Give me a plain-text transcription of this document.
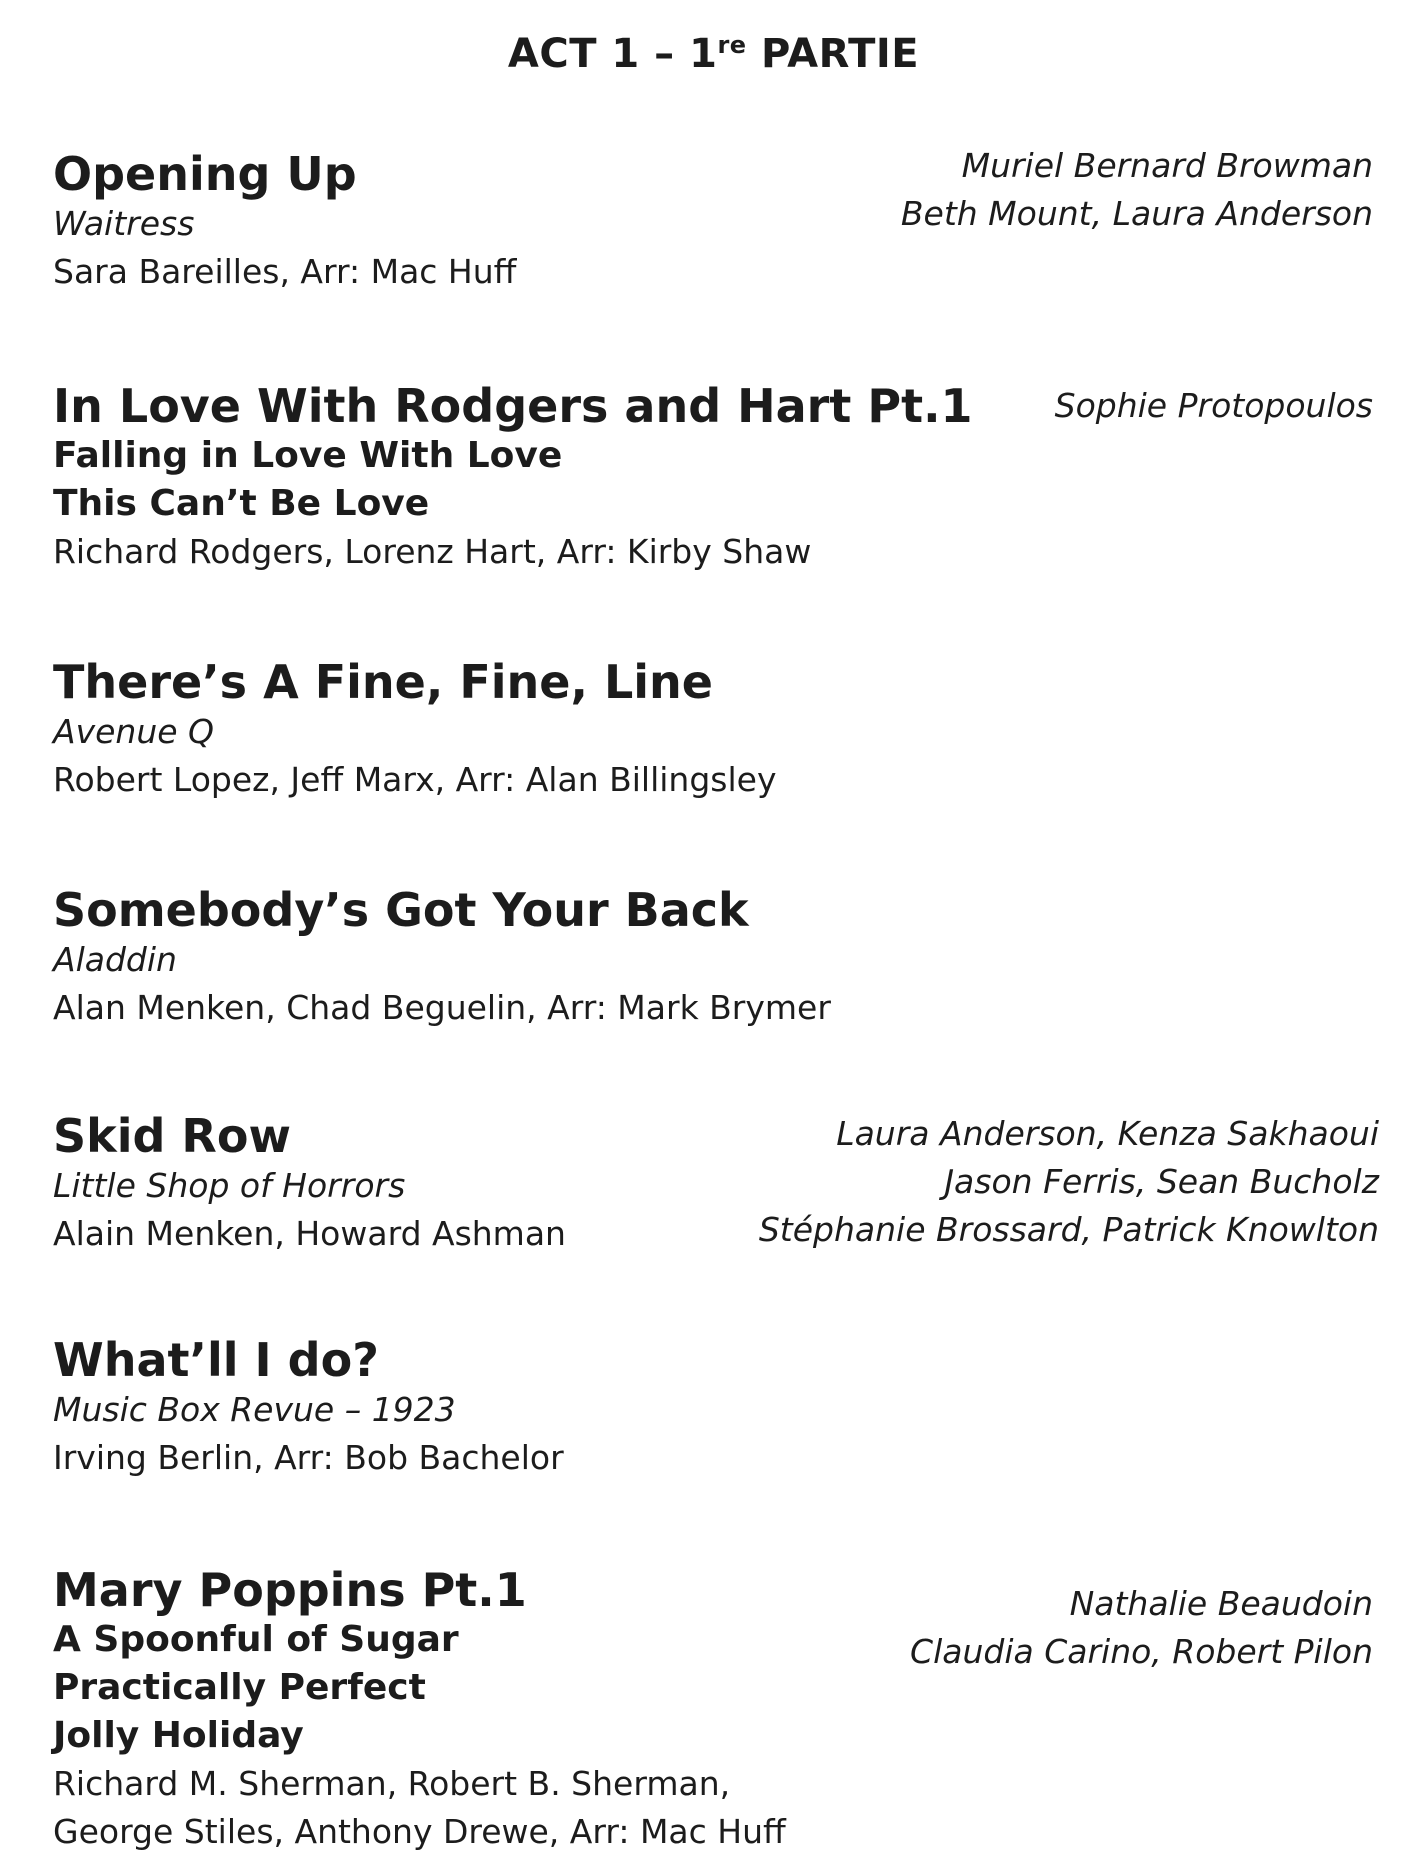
ACT 1 – 1re PARTIE
Opening Up
Waitress
Sara Bareilles, Arr: Mac Huff
Muriel Bernard Browman
Beth Mount, Laura Anderson
In Love With Rodgers and Hart Pt.1
Falling in Love With Love
This Can’t Be Love
Richard Rodgers, Lorenz Hart, Arr: Kirby Shaw
Sophie Protopoulos
There’s A Fine, Fine, Line
Avenue Q
Robert Lopez, Jeff Marx, Arr: Alan Billingsley
Somebody’s Got Your Back
Aladdin
Alan Menken, Chad Beguelin, Arr: Mark Brymer
Skid Row
Little Shop of Horrors
Alain Menken, Howard Ashman
Laura Anderson, Kenza Sakhaoui
Jason Ferris, Sean Bucholz
Stéphanie Brossard, Patrick Knowlton
What’ll I do?
Music Box Revue – 1923
Irving Berlin, Arr: Bob Bachelor
Mary Poppins Pt.1
A Spoonful of Sugar
Practically Perfect
Jolly Holiday
Richard M. Sherman, Robert B. Sherman,
George Stiles, Anthony Drewe, Arr: Mac Huff
Nathalie Beaudoin
Claudia Carino, Robert Pilon
